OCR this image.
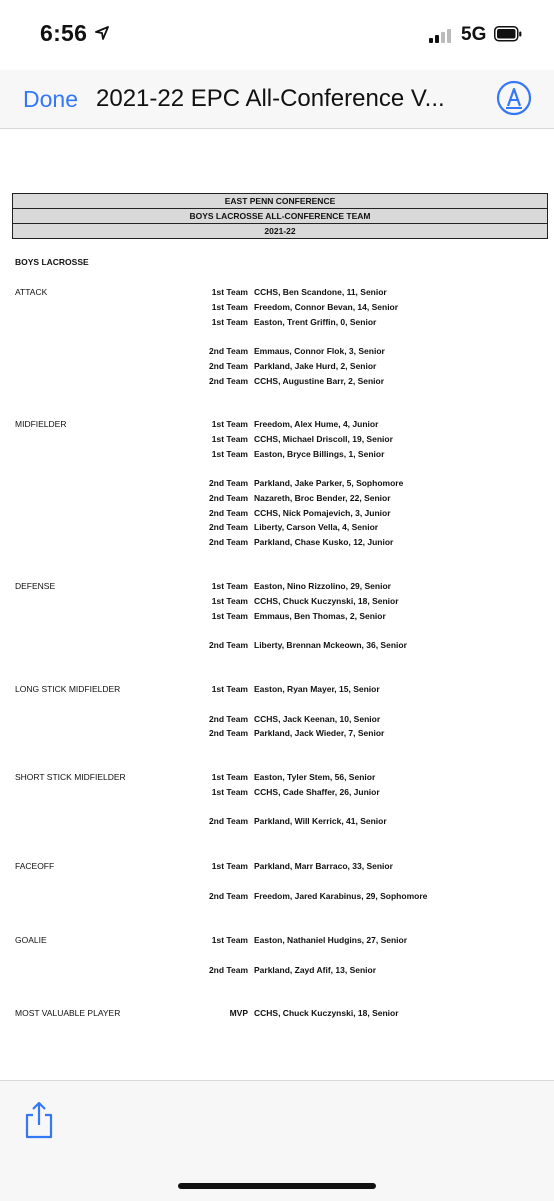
6:56	5G
Done 2021-22 EPC All-Conference V...
EAST PENN CONFERENCE
BOYS LACROSSE ALL-CONFERENCE TEAM
2021-22
BOYS LACROSSE
ATTACK	1st Team CCHS, Ben Scandone, 11, Senior
1st Team Freedom, Connor Bevan, 14, Senior
1st Team Easton, Trent Griffin, 0, Senior
2nd Team Emmaus, Connor Flok, 3, Senior
2nd Team Parkland, Jake Hurd, 2, Senior
2nd Team CCHS, Augustine Barr, 2, Senior
MIDFIELDER	1st Team Freedom, Alex Hume, 4, Junior
1st Team CCHS, Michael Driscoll, 19, Senior
1st Team Easton, Bryce Billings, 1, Senior
2nd Team Parkland, Jake Parker, 5, Sophomore
2nd Team Nazareth, Broc Bender, 22, Senior
2nd Team CCHS, Nick Pomajevich, 3, Junior
2nd Team Liberty, Carson Vella, 4, Senior
2nd Team Parkland, Chase Kusko, 12, Junior
DEFENSE	1st Team Easton, Nino Rizzolino, 29, Senior
1st Team CCHS, Chuck Kuczynski, 18, Senior
1st Team Emmaus, Ben Thomas, 2, Senior
2nd Team Liberty, Brennan Mckeown, 36, Senior
LONG STICK MIDFIELDER	1st Team Easton, Ryan Mayer, 15, Senior
2nd Team CCHS, Jack Keenan, 10, Senior
2nd Team Parkland, Jack Wieder, 7, Senior
SHORT STICK MIDFIELDER	1st Team Easton, Tyler Stem, 56, Senior
1st Team CCHS, Cade Shaffer, 26, Junior
2nd Team Parkland, Will Kerrick, 41, Senior
FACEOFF	1st Team Parkland, Marr Barraco, 33, Senior
2nd Team Freedom, Jared Karabinus, 29, Sophomore
GOALIE	1st Team Easton, Nathaniel Hudgins, 27, Senior
2nd Team Parkland, Zayd Afif, 13, Senior
MOST VALUABLE PLAYER	MVP CCHS, Chuck Kuczynski, 18, Senior
